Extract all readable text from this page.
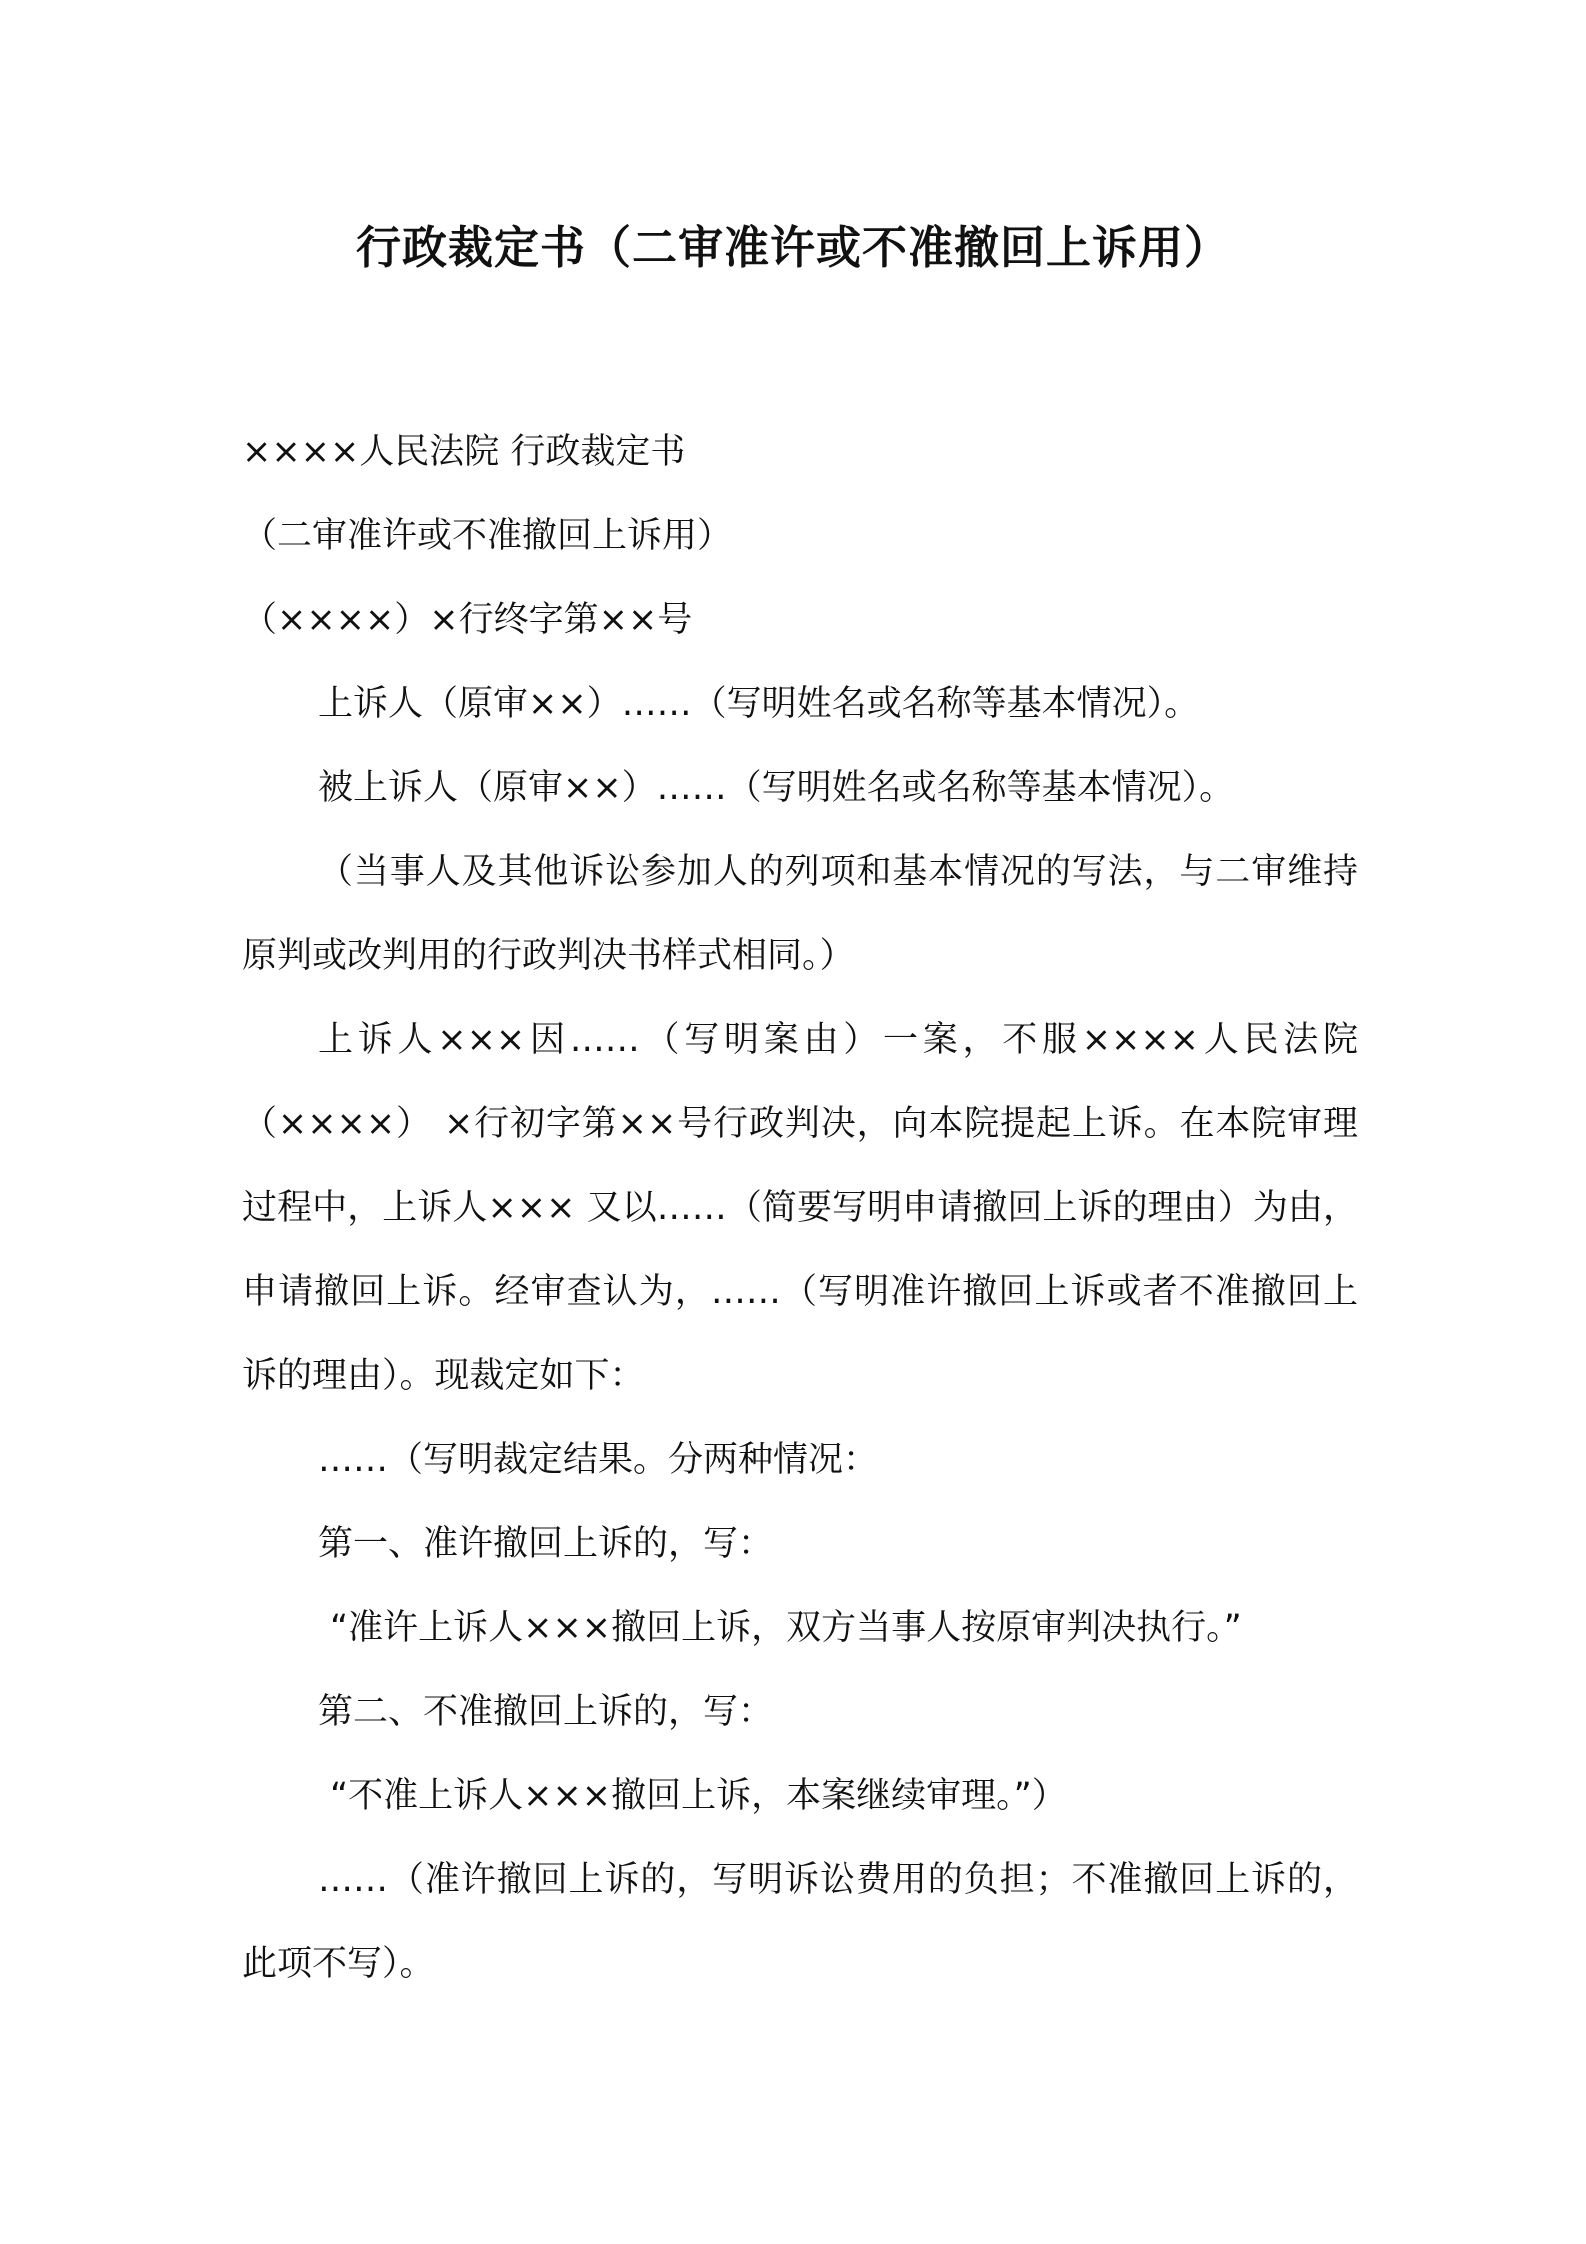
行政裁定书（二审准许或不准撤回上诉用）
××××人民法院 行政裁定书
（二审准许或不准撤回上诉用）
（××××）×行终字第××号
上诉人（原审××）……（写明姓名或名称等基本情况）。
被上诉人（原审××）……（写明姓名或名称等基本情况）。
（当事人及其他诉讼参加人的列项和基本情况的写法，与二审维持原判或改判用的行政判决书样式相同。）
上诉人×××因……（写明案由）一案，不服××××人民法院（××××） ×行初字第××号行政判决，向本院提起上诉。在本院审理过程中，上诉人××× 又以……（简要写明申请撤回上诉的理由）为由，申请撤回上诉。经审查认为，……（写明准许撤回上诉或者不准撤回上诉的理由）。现裁定如下：
……（写明裁定结果。分两种情况：
第一、准许撤回上诉的，写：
“准许上诉人×××撤回上诉，双方当事人按原审判决执行。”
第二、不准撤回上诉的，写：
“不准上诉人×××撤回上诉，本案继续审理。”）
……（准许撤回上诉的，写明诉讼费用的负担；不准撤回上诉的，此项不写）。
